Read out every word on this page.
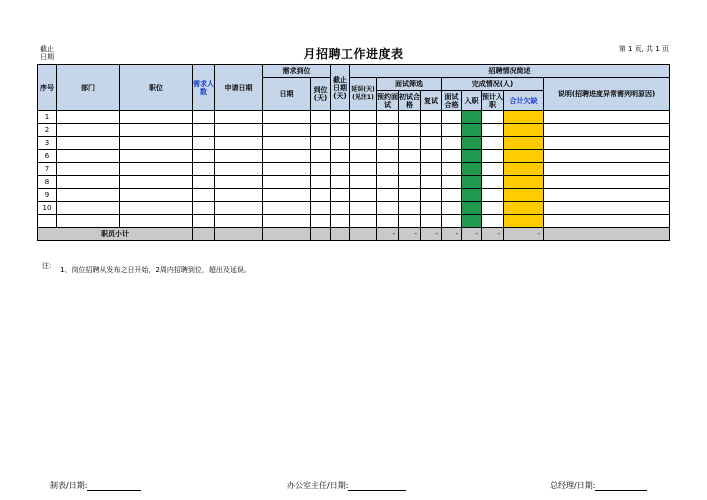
截止
日期	月招聘工作进度表	第 1 页, 共 1 页
序号	部门	职位	需求人数	申请日期	需求到位		截止日期(天)	招聘情况简述								
					日期	到位(天)		延误(天)(见注1)	面试筛选			完成情况(人)				说明(招聘进度异常需列明原因)
									预约面试	初试合格	复试	面试合格	入职	预计入职	合计欠缺	
1																
2																
3																
6																
7																
8																
9																
10																

职员小计									-	-	-	-	-	-	-	
注: 1、岗位招聘从发布之日开始，2周内招聘到位，超出及延误。
制表/日期:	办公室主任/日期:	总经理/日期:
